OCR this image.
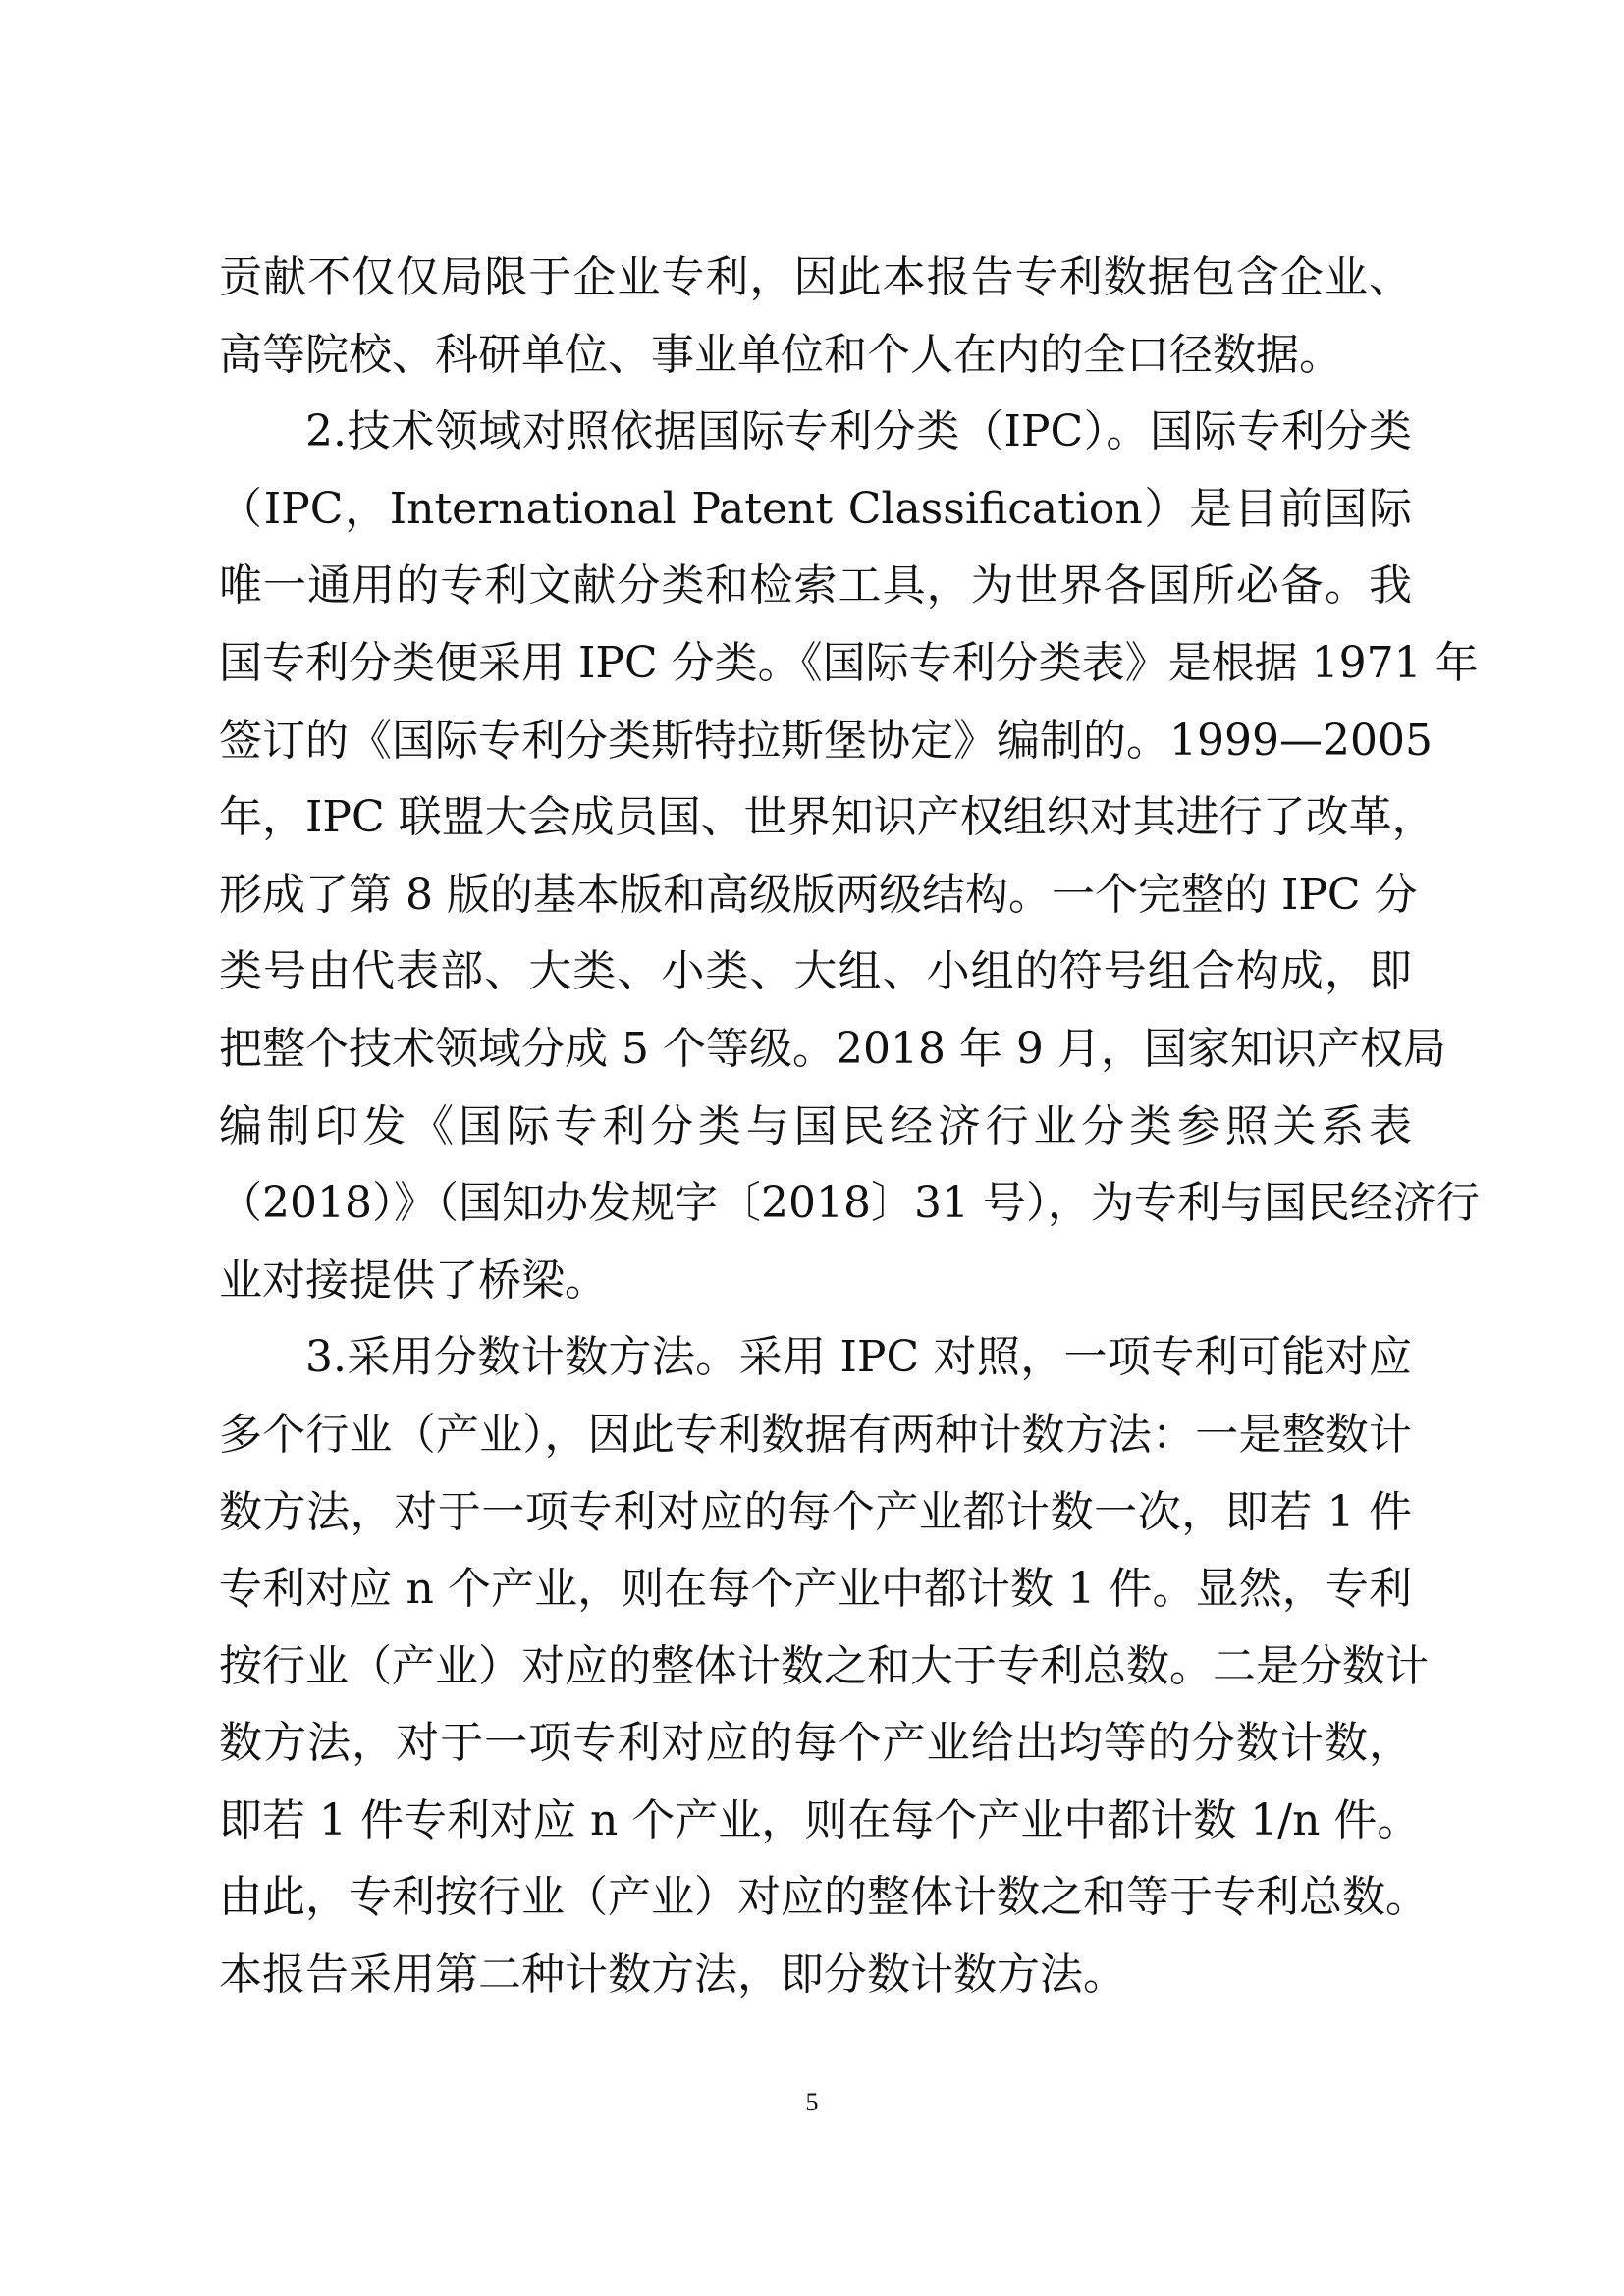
贡献不仅仅局限于企业专利，因此本报告专利数据包含企业、
高等院校、科研单位、事业单位和个人在内的全口径数据。
2.技术领域对照依据国际专利分类（IPC）。国际专利分类
（IPC，International Patent Classification）是目前国际
唯一通用的专利文献分类和检索工具，为世界各国所必备。我
国专利分类便采用 IPC 分类。《国际专利分类表》是根据 1971 年
签订的《国际专利分类斯特拉斯堡协定》编制的。1999—2005
年，IPC 联盟大会成员国、世界知识产权组织对其进行了改革，
形成了第 8 版的基本版和高级版两级结构。一个完整的 IPC 分
类号由代表部、大类、小类、大组、小组的符号组合构成，即
把整个技术领域分成 5 个等级。2018 年 9 月，国家知识产权局
编制印发《国际专利分类与国民经济行业分类参照关系表
（2018）》（国知办发规字〔2018〕31 号），为专利与国民经济行
业对接提供了桥梁。
3.采用分数计数方法。采用 IPC 对照，一项专利可能对应
多个行业（产业），因此专利数据有两种计数方法：一是整数计
数方法，对于一项专利对应的每个产业都计数一次，即若 1 件
专利对应 n 个产业，则在每个产业中都计数 1 件。显然，专利
按行业（产业）对应的整体计数之和大于专利总数。二是分数计
数方法，对于一项专利对应的每个产业给出均等的分数计数，
即若 1 件专利对应 n 个产业，则在每个产业中都计数 1/n 件。
由此，专利按行业（产业）对应的整体计数之和等于专利总数。
本报告采用第二种计数方法，即分数计数方法。
5
